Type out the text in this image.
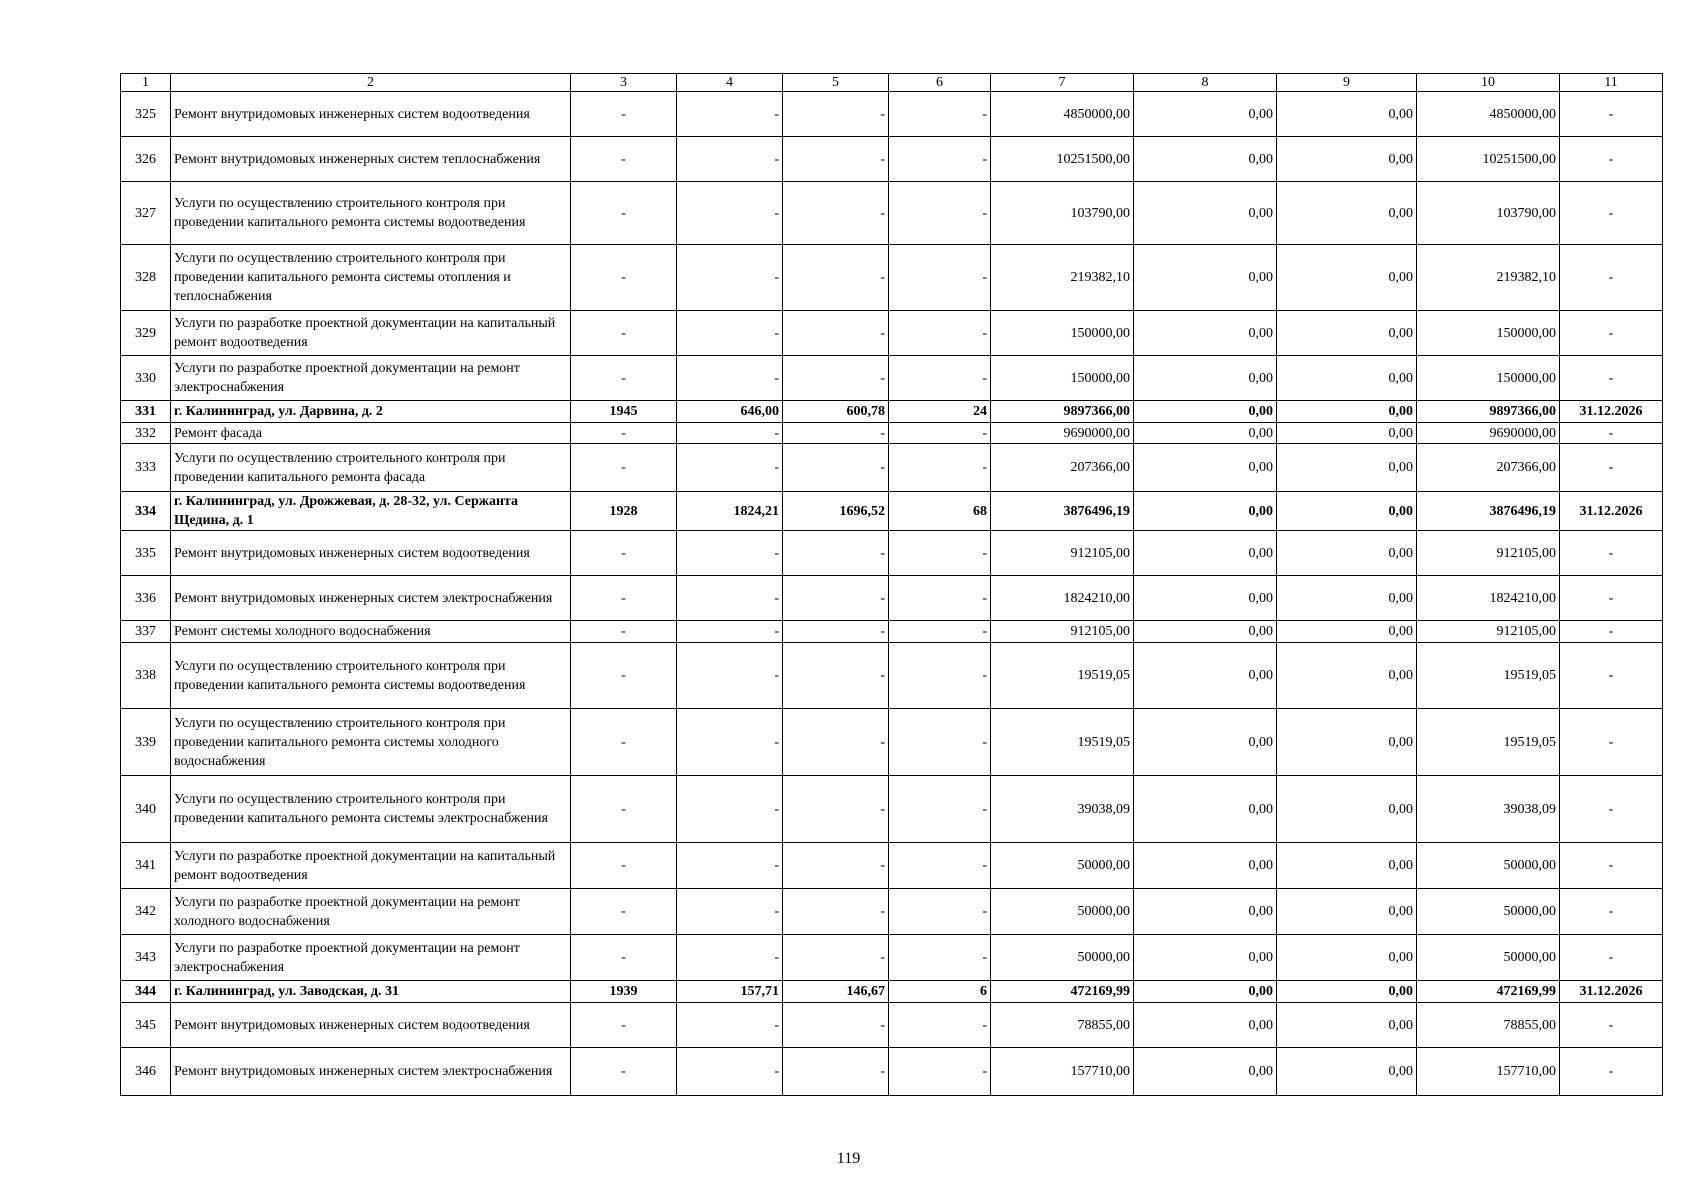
1	2	3	4	5	6	7	8	9	10	11
325	Ремонт внутридомовых инженерных систем водоотведения	-	-	-	-	4850000,00	0,00	0,00	4850000,00	-
326	Ремонт внутридомовых инженерных систем теплоснабжения	-	-	-	-	10251500,00	0,00	0,00	10251500,00	-
327	Услуги по осуществлению строительного контроля при проведении капитального ремонта системы водоотведения	-	-	-	-	103790,00	0,00	0,00	103790,00	-
328	Услуги по осуществлению строительного контроля при проведении капитального ремонта системы отопления и теплоснабжения	-	-	-	-	219382,10	0,00	0,00	219382,10	-
329	Услуги по разработке проектной документации на капитальный ремонт водоотведения	-	-	-	-	150000,00	0,00	0,00	150000,00	-
330	Услуги по разработке проектной документации на ремонт электроснабжения	-	-	-	-	150000,00	0,00	0,00	150000,00	-
331	г. Калининград, ул. Дарвина, д. 2	1945	646,00	600,78	24	9897366,00	0,00	0,00	9897366,00	31.12.2026
332	Ремонт фасада	-	-	-	-	9690000,00	0,00	0,00	9690000,00	-
333	Услуги по осуществлению строительного контроля при проведении капитального ремонта фасада	-	-	-	-	207366,00	0,00	0,00	207366,00	-
334	г. Калининград, ул. Дрожжевая, д. 28-32, ул. Сержанта Щедина, д. 1	1928	1824,21	1696,52	68	3876496,19	0,00	0,00	3876496,19	31.12.2026
335	Ремонт внутридомовых инженерных систем водоотведения	-	-	-	-	912105,00	0,00	0,00	912105,00	-
336	Ремонт внутридомовых инженерных систем электроснабжения	-	-	-	-	1824210,00	0,00	0,00	1824210,00	-
337	Ремонт системы холодного водоснабжения	-	-	-	-	912105,00	0,00	0,00	912105,00	-
338	Услуги по осуществлению строительного контроля при проведении капитального ремонта системы водоотведения	-	-	-	-	19519,05	0,00	0,00	19519,05	-
339	Услуги по осуществлению строительного контроля при проведении капитального ремонта системы холодного водоснабжения	-	-	-	-	19519,05	0,00	0,00	19519,05	-
340	Услуги по осуществлению строительного контроля при проведении капитального ремонта системы электроснабжения	-	-	-	-	39038,09	0,00	0,00	39038,09	-
341	Услуги по разработке проектной документации на капитальный ремонт водоотведения	-	-	-	-	50000,00	0,00	0,00	50000,00	-
342	Услуги по разработке проектной документации на ремонт холодного водоснабжения	-	-	-	-	50000,00	0,00	0,00	50000,00	-
343	Услуги по разработке проектной документации на ремонт электроснабжения	-	-	-	-	50000,00	0,00	0,00	50000,00	-
344	г. Калининград, ул. Заводская, д. 31	1939	157,71	146,67	6	472169,99	0,00	0,00	472169,99	31.12.2026
345	Ремонт внутридомовых инженерных систем водоотведения	-	-	-	-	78855,00	0,00	0,00	78855,00	-
346	Ремонт внутридомовых инженерных систем электроснабжения	-	-	-	-	157710,00	0,00	0,00	157710,00	-
119
